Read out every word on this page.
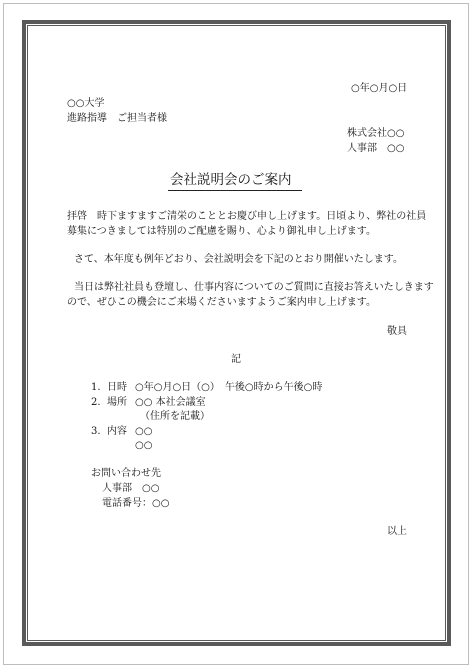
○年○月○日
○○大学
進路指導　ご担当者様
株式会社○○
人事部　○○
会社説明会のご案内
拝啓　時下ますますご清栄のこととお慶び申し上げます。日頃より、弊社の社員
募集につきましては特別のご配慮を賜り、心より御礼申し上げます。
さて、本年度も例年どおり、会社説明会を下記のとおり開催いたします。
当日は弊社社員も登壇し、仕事内容についてのご質問に直接お答えいたしきます
ので、ぜひこの機会にご来場くださいますようご案内申し上げます。
敬具
記
1. 日時 ○年○月○日（○）　午後○時から午後○時
2. 場所 ○○ 本社会議室
（住所を記載）
3. 内容 ○○
○○
お問い合わせ先
人事部　○○
電話番号：○○
以上
